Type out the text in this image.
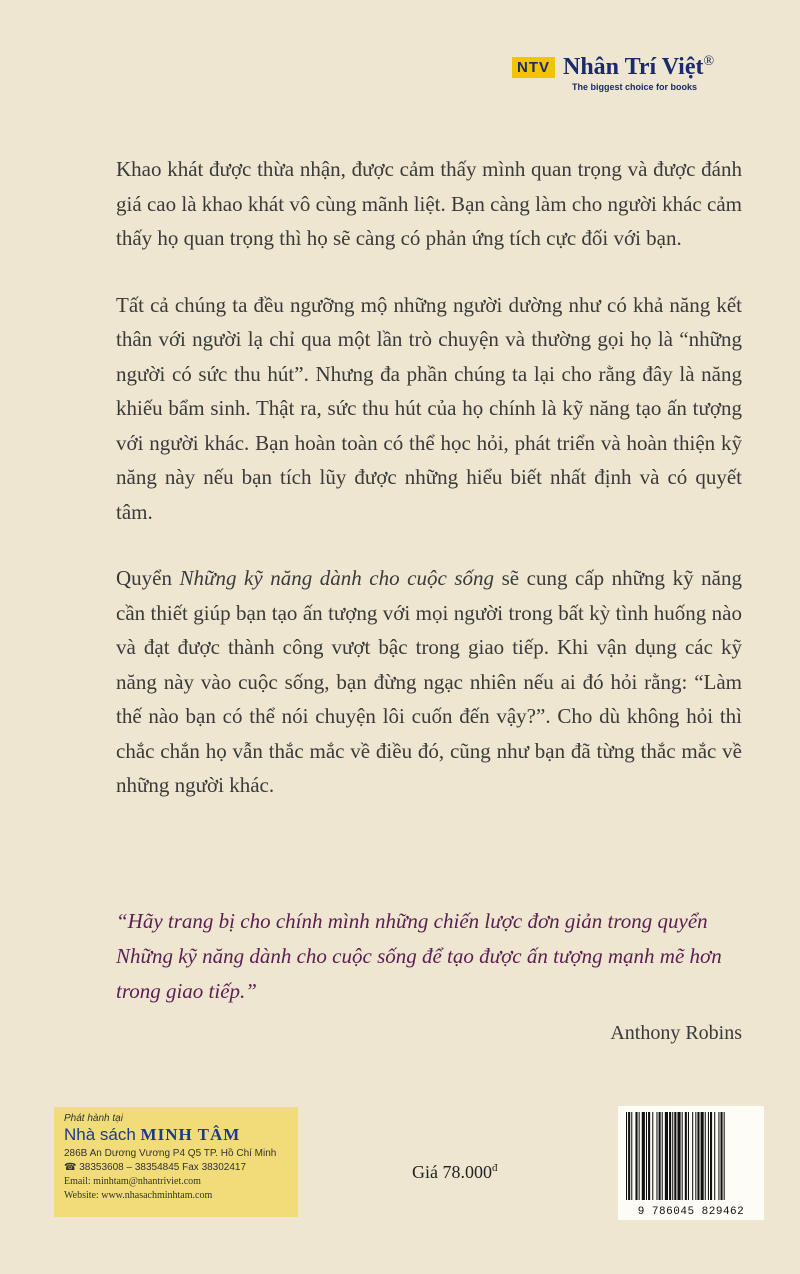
NTV Nhân Trí Việt®
The biggest choice for books

Khao khát được thừa nhận, được cảm thấy mình quan trọng và được đánh giá cao là khao khát vô cùng mãnh liệt. Bạn càng làm cho người khác cảm thấy họ quan trọng thì họ sẽ càng có phản ứng tích cực đối với bạn.

Tất cả chúng ta đều ngưỡng mộ những người dường như có khả năng kết thân với người lạ chỉ qua một lần trò chuyện và thường gọi họ là “những người có sức thu hút”. Nhưng đa phần chúng ta lại cho rằng đây là năng khiếu bẩm sinh. Thật ra, sức thu hút của họ chính là kỹ năng tạo ấn tượng với người khác. Bạn hoàn toàn có thể học hỏi, phát triển và hoàn thiện kỹ năng này nếu bạn tích lũy được những hiểu biết nhất định và có quyết tâm.

Quyển Những kỹ năng dành cho cuộc sống sẽ cung cấp những kỹ năng cần thiết giúp bạn tạo ấn tượng với mọi người trong bất kỳ tình huống nào và đạt được thành công vượt bậc trong giao tiếp. Khi vận dụng các kỹ năng này vào cuộc sống, bạn đừng ngạc nhiên nếu ai đó hỏi rằng: “Làm thế nào bạn có thể nói chuyện lôi cuốn đến vậy?”. Cho dù không hỏi thì chắc chắn họ vẫn thắc mắc về điều đó, cũng như bạn đã từng thắc mắc về những người khác.

“Hãy trang bị cho chính mình những chiến lược đơn giản trong quyển Những kỹ năng dành cho cuộc sống để tạo được ấn tượng mạnh mẽ hơn trong giao tiếp.”

Anthony Robins
Phát hành tại
Nhà sách MINH TÂM
286B An Dương Vương P4 Q5 TP. Hồ Chí Minh
☎ 38353608 – 38354845 Fax 38302417
Email: minhtam@nhantriviet.com
Website: www.nhasachminhtam.com
Giá $78.000^đ$
9 786045 829462
